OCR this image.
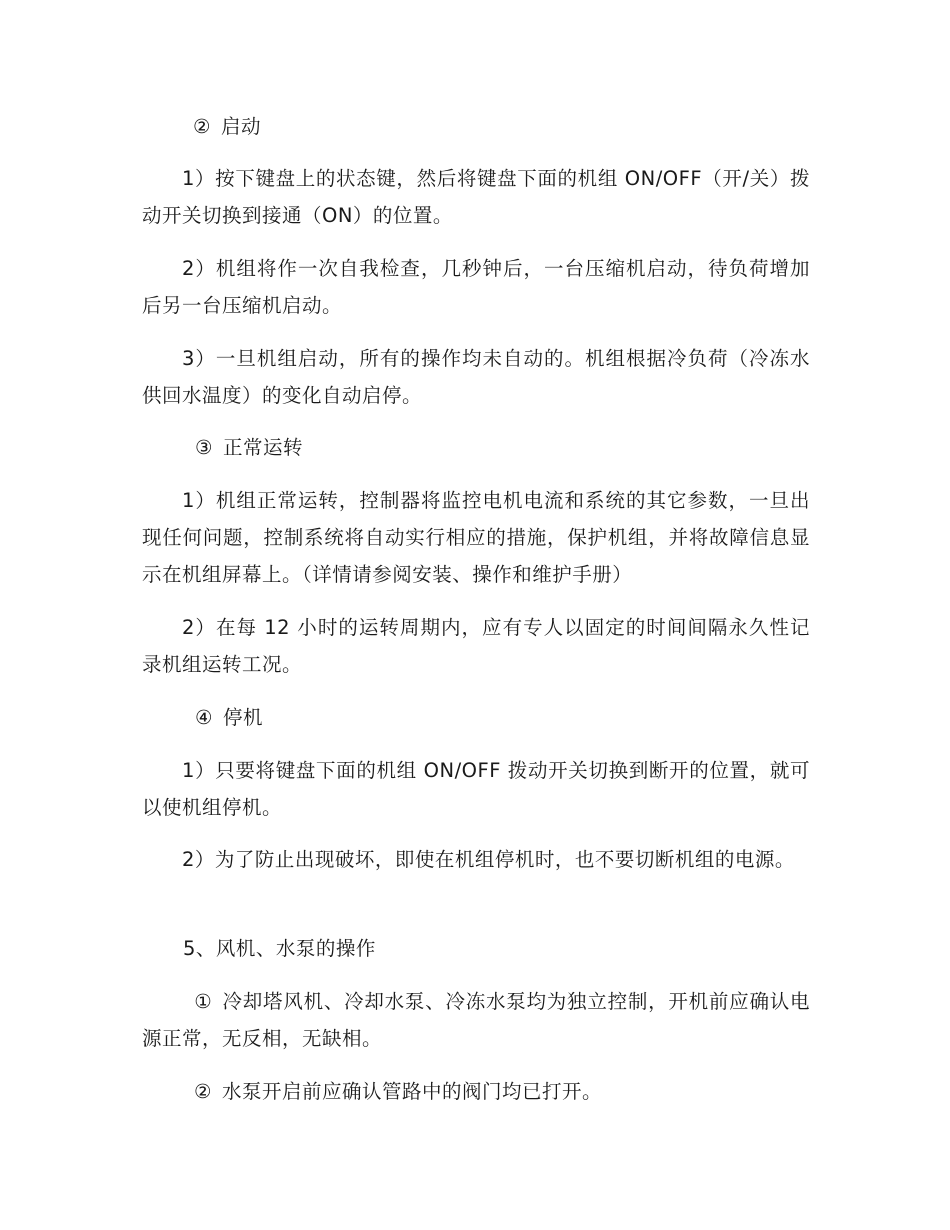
② 启动

1）按下键盘上的状态键，然后将键盘下面的机组 ON/OFF（开/关）拨动开关切换到接通（ON）的位置。

2）机组将作一次自我检查，几秒钟后，一台压缩机启动，待负荷增加后另一台压缩机启动。

3）一旦机组启动，所有的操作均未自动的。机组根据冷负荷（冷冻水供回水温度）的变化自动启停。

③ 正常运转

1）机组正常运转，控制器将监控电机电流和系统的其它参数，一旦出现任何问题，控制系统将自动实行相应的措施，保护机组，并将故障信息显示在机组屏幕上。（详情请参阅安装、操作和维护手册）

2）在每 12 小时的运转周期内，应有专人以固定的时间间隔永久性记录机组运转工况。

④ 停机

1）只要将键盘下面的机组 ON/OFF 拨动开关切换到断开的位置，就可以使机组停机。

2）为了防止出现破坏，即使在机组停机时，也不要切断机组的电源。

5、风机、水泵的操作

① 冷却塔风机、冷却水泵、冷冻水泵均为独立控制，开机前应确认电源正常，无反相，无缺相。

② 水泵开启前应确认管路中的阀门均已打开。
